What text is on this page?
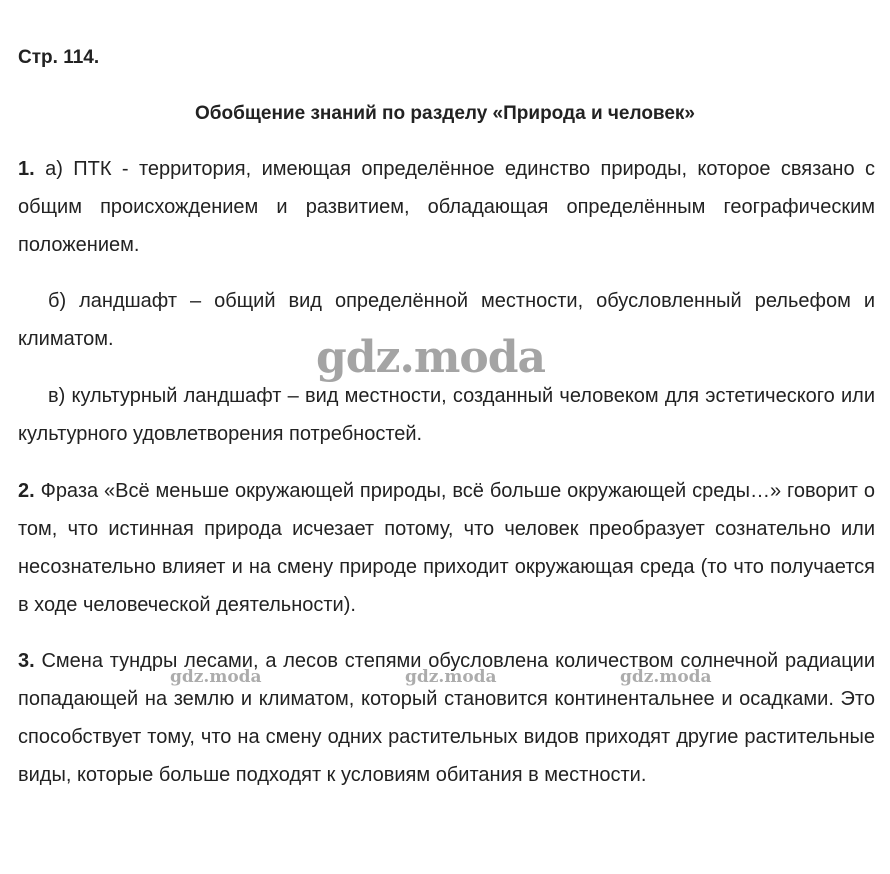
Стр. 114.
Обобщение знаний по разделу «Природа и человек»

1. а) ПТК - территория, имеющая определённое единство природы, которое связано с общим происхождением и развитием, обладающая определённым географическим положением.

б) ландшафт – общий вид определённой местности, обусловленный рельефом и климатом.

в) культурный ландшафт – вид местности, созданный человеком для эстетического или культурного удовлетворения потребностей.

2. Фраза «Всё меньше окружающей природы, всё больше окружающей среды…» говорит о том, что истинная природа исчезает потому, что человек преобразует сознательно или несознательно влияет и на смену природе приходит окружающая среда (то что получается в ходе человеческой деятельности).

3. Смена тундры лесами, а лесов степями обусловлена количеством солнечной радиации попадающей на землю и климатом, который становится континентальнее и осадками. Это способствует тому, что на смену одних растительных видов приходят другие растительные виды, которые больше подходят к условиям обитания в местности.

gdz.moda
gdz.moda	gdz.moda	gdz.moda
